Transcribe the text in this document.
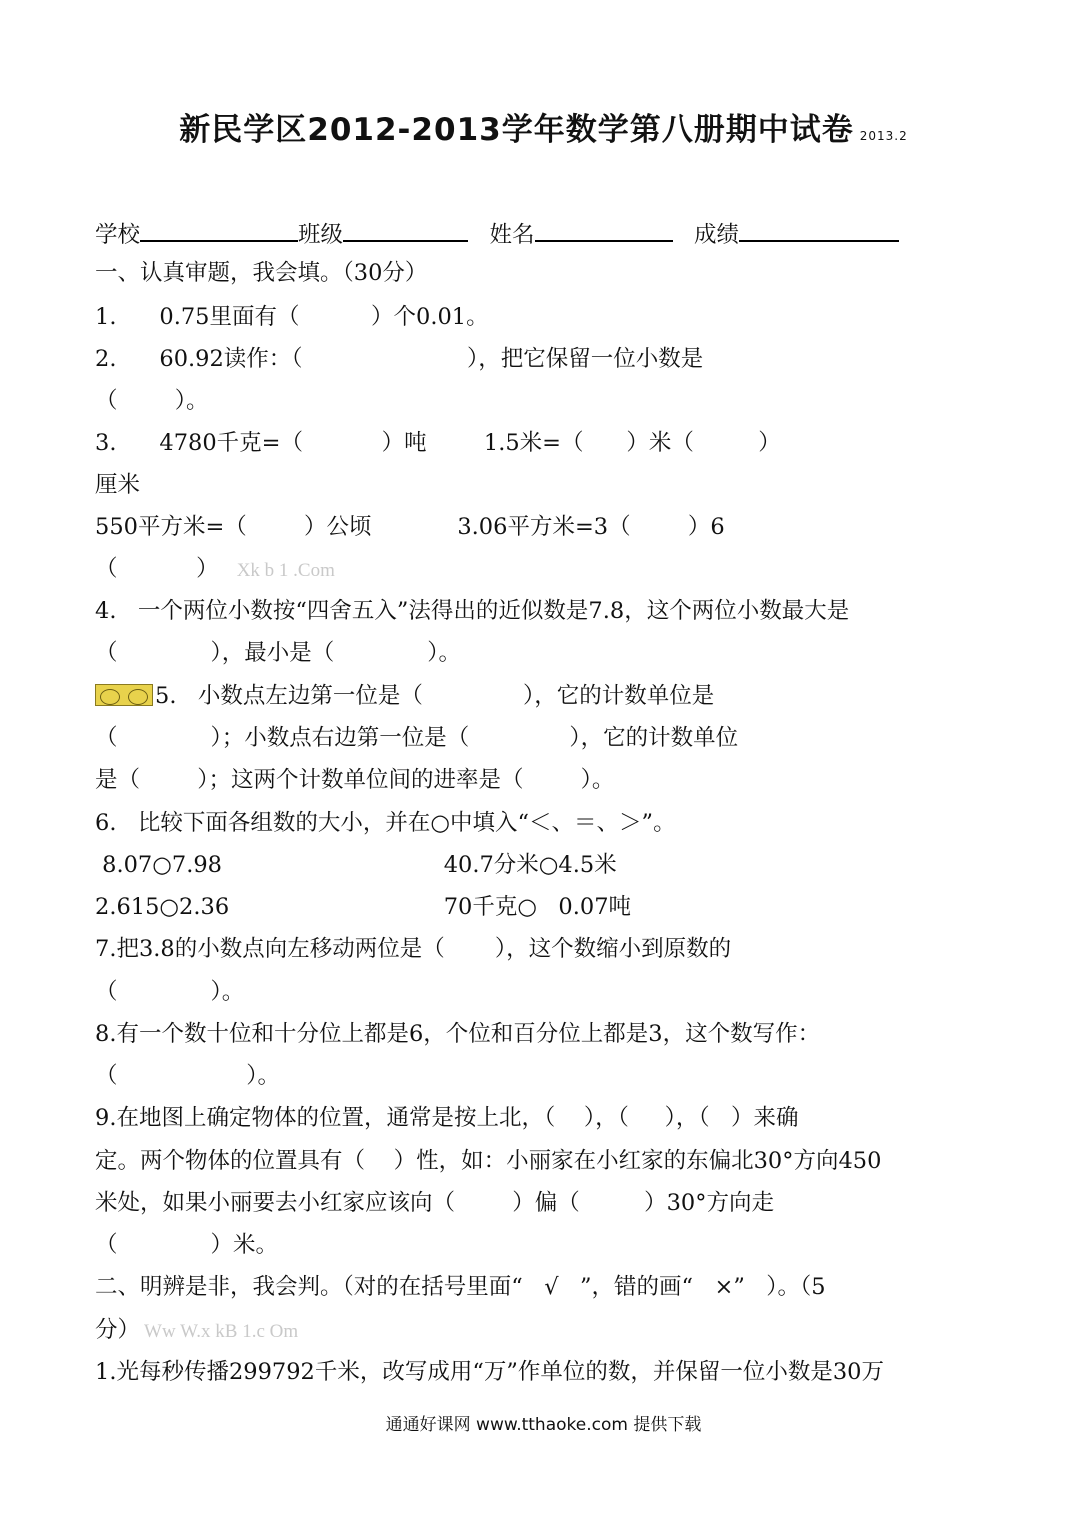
新民学区2012-2013学年数学第八册期中试卷 2013.2
学校	班级	姓名	成绩
一、认真审题，我会填。（30分）
1.      0.75里面有（          ）个0.01。
2.      60.92读作：（                       ），把它保留一位小数是
（        ）。
3.      4780千克=（           ）吨        1.5米=（      ）米（         ）
厘米
550平方米=（        ）公顷            3.06平方米=3（        ）6
（           ） Xk b 1 .Com
4.   一个两位小数按“四舍五入”法得出的近似数是7.8，这个两位小数最大是
（             ），最小是（             ）。
5.   小数点左边第一位是（              ），它的计数单位是
（             ）；小数点右边第一位是（              ），它的计数单位
是（        ）；这两个计数单位间的进率是（        ）。
6.   比较下面各组数的大小，并在○中填入“＜、＝、＞”。
8.07○7.98                               40.7分米○4.5米
2.615○2.36                              70千克○   0.07吨
7.把3.8的小数点向左移动两位是（       ），这个数缩小到原数的
（             ）。
8.有一个数十位和十分位上都是6，个位和百分位上都是3，这个数写作：
（                  ）。
9.在地图上确定物体的位置，通常是按上北，（    ），（     ），（   ）来确
定。两个物体的位置具有（    ）性，如：小丽家在小红家的东偏北30°方向450
米处，如果小丽要去小红家应该向（        ）偏（         ）30°方向走
（             ）米。
二、明辨是非，我会判。（对的在括号里面“   √   ”，错的画“   ×”   ）。（5
分） Ww W.x kB 1.c Om
1.光每秒传播299792千米，改写成用“万”作单位的数，并保留一位小数是30万
通通好课网 www.tthaoke.com 提供下载
